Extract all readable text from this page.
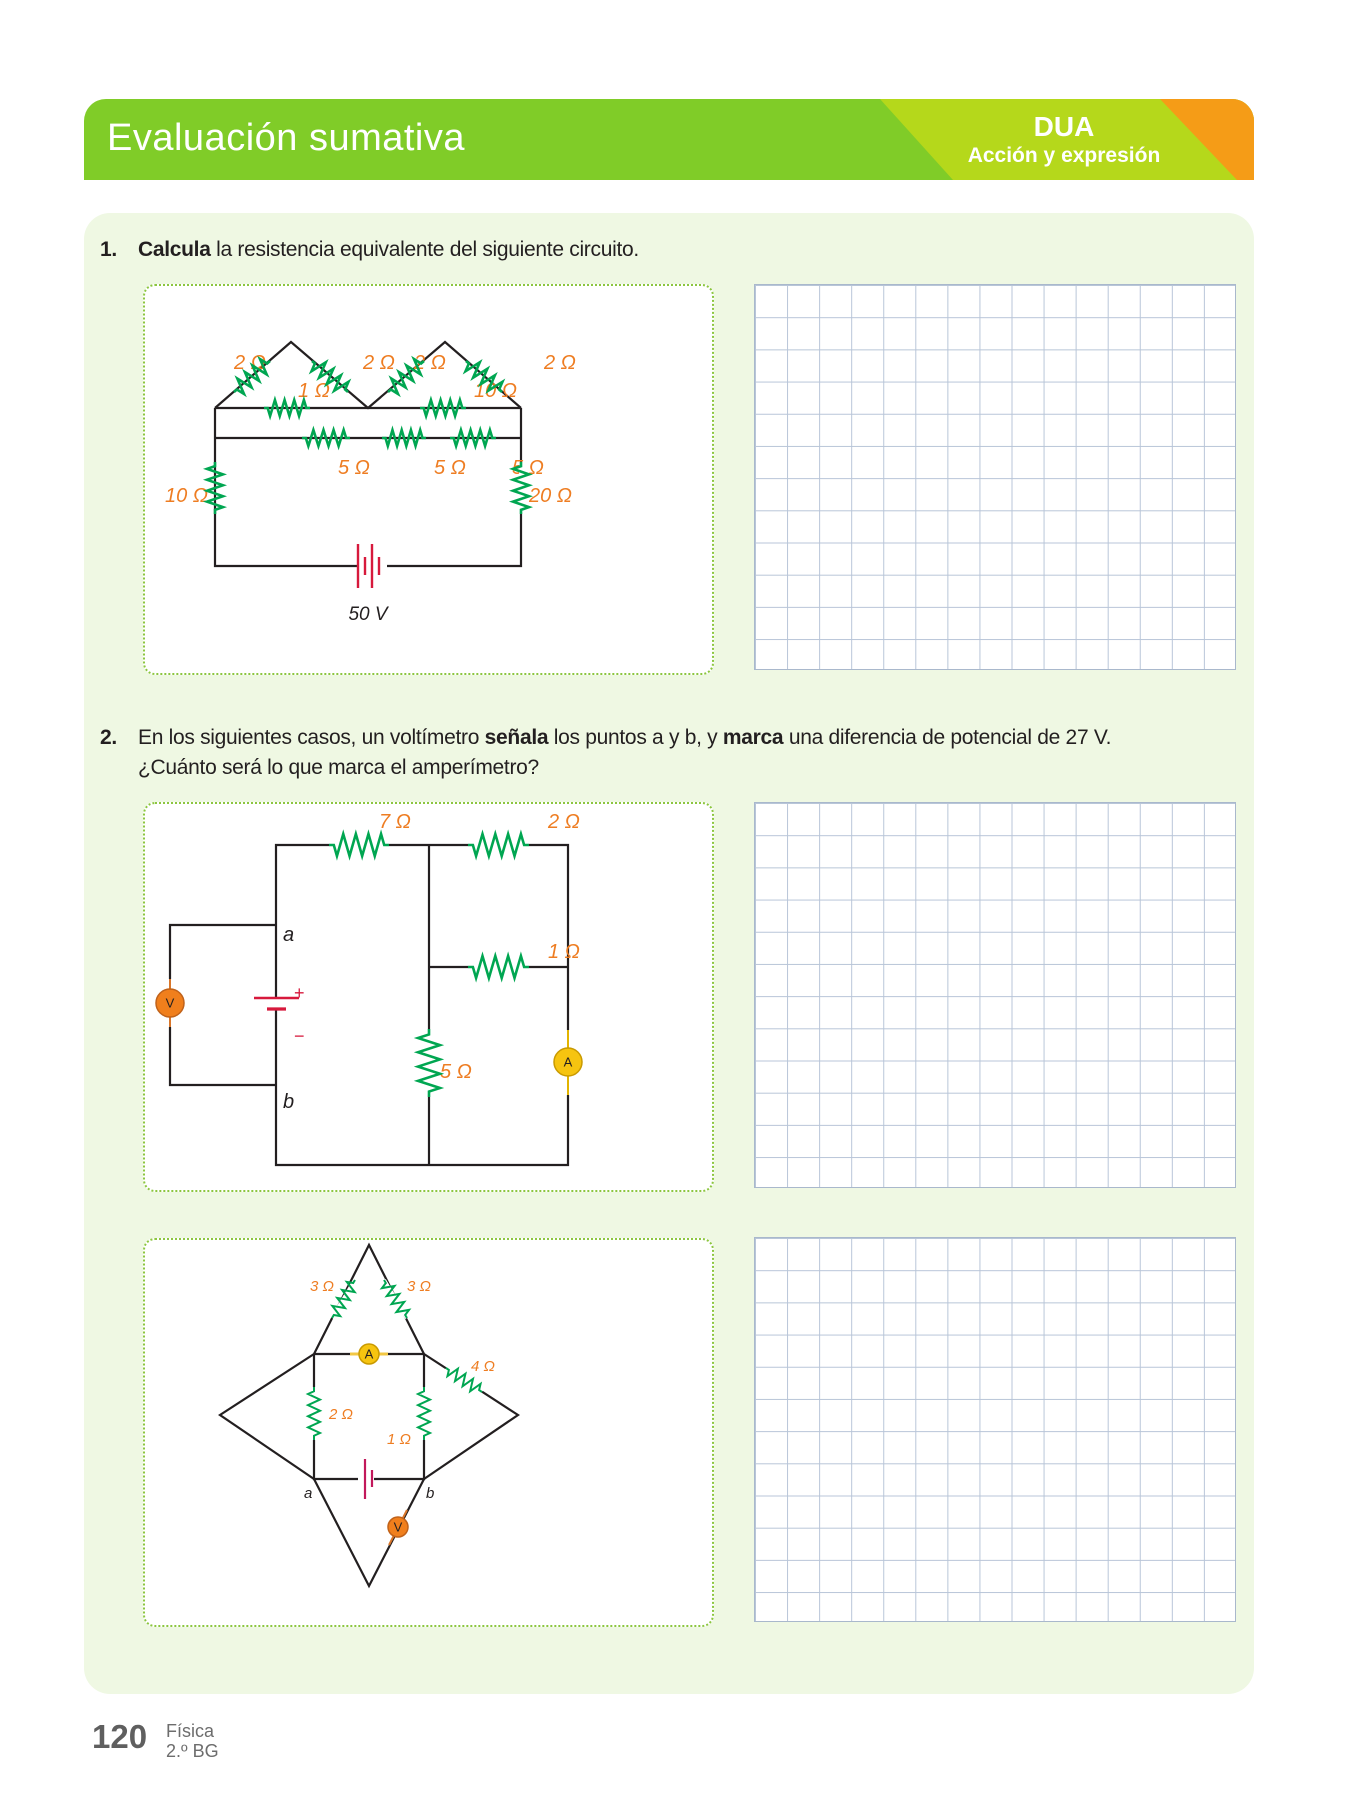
Evaluación sumativa	DUA
Acción y expresión
1. Calcula la resistencia equivalente del siguiente circuito.
2 Ω
1 Ω
2 Ω 2 Ω
10 Ω
2 Ω
5 Ω	5 Ω 5 Ω
10 Ω	20 Ω
50 V
2. En los siguientes casos, un voltímetro señala los puntos a y b, y marca una diferencia de potencial de 27 V.
¿Cuánto será lo que marca el amperímetro?
7 Ω	2 Ω
1 Ω
5 Ω
a
b
+
−
V
A
3 Ω	3 Ω
4 Ω
2 Ω
1 Ω
a	b
A
V
120 Física
2.º BG
